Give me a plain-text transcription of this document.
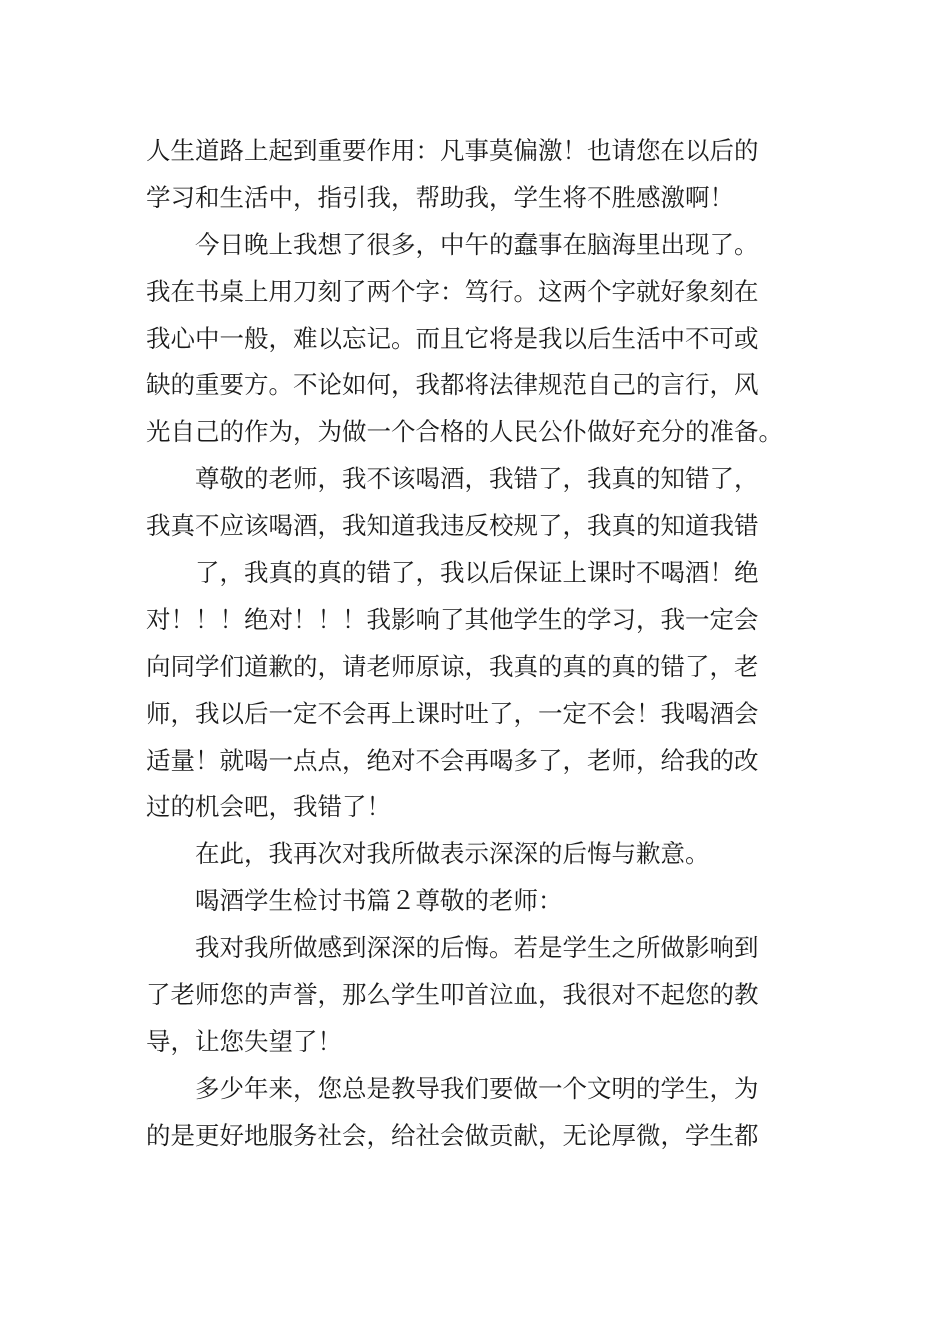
人生道路上起到重要作用：凡事莫偏激！也请您在以后的
学习和生活中，指引我，帮助我，学生将不胜感激啊！
今日晚上我想了很多，中午的蠢事在脑海里出现了。
我在书桌上用刀刻了两个字：笃行。这两个字就好象刻在
我心中一般，难以忘记。而且它将是我以后生活中不可或
缺的重要方。不论如何，我都将法律规范自己的言行，风
光自己的作为，为做一个合格的人民公仆做好充分的准备。
尊敬的老师，我不该喝酒，我错了，我真的知错了，
我真不应该喝酒，我知道我违反校规了，我真的知道我错
了，我真的真的错了，我以后保证上课时不喝酒！绝
对！！！绝对！！！我影响了其他学生的学习，我一定会
向同学们道歉的，请老师原谅，我真的真的真的错了，老
师，我以后一定不会再上课时吐了，一定不会！我喝酒会
适量！就喝一点点，绝对不会再喝多了，老师，给我的改
过的机会吧，我错了！
在此，我再次对我所做表示深深的后悔与歉意。
喝酒学生检讨书篇２尊敬的老师：
我对我所做感到深深的后悔。若是学生之所做影响到
了老师您的声誉，那么学生叩首泣血，我很对不起您的教
导，让您失望了！
多少年来，您总是教导我们要做一个文明的学生，为
的是更好地服务社会，给社会做贡献，无论厚微，学生都
